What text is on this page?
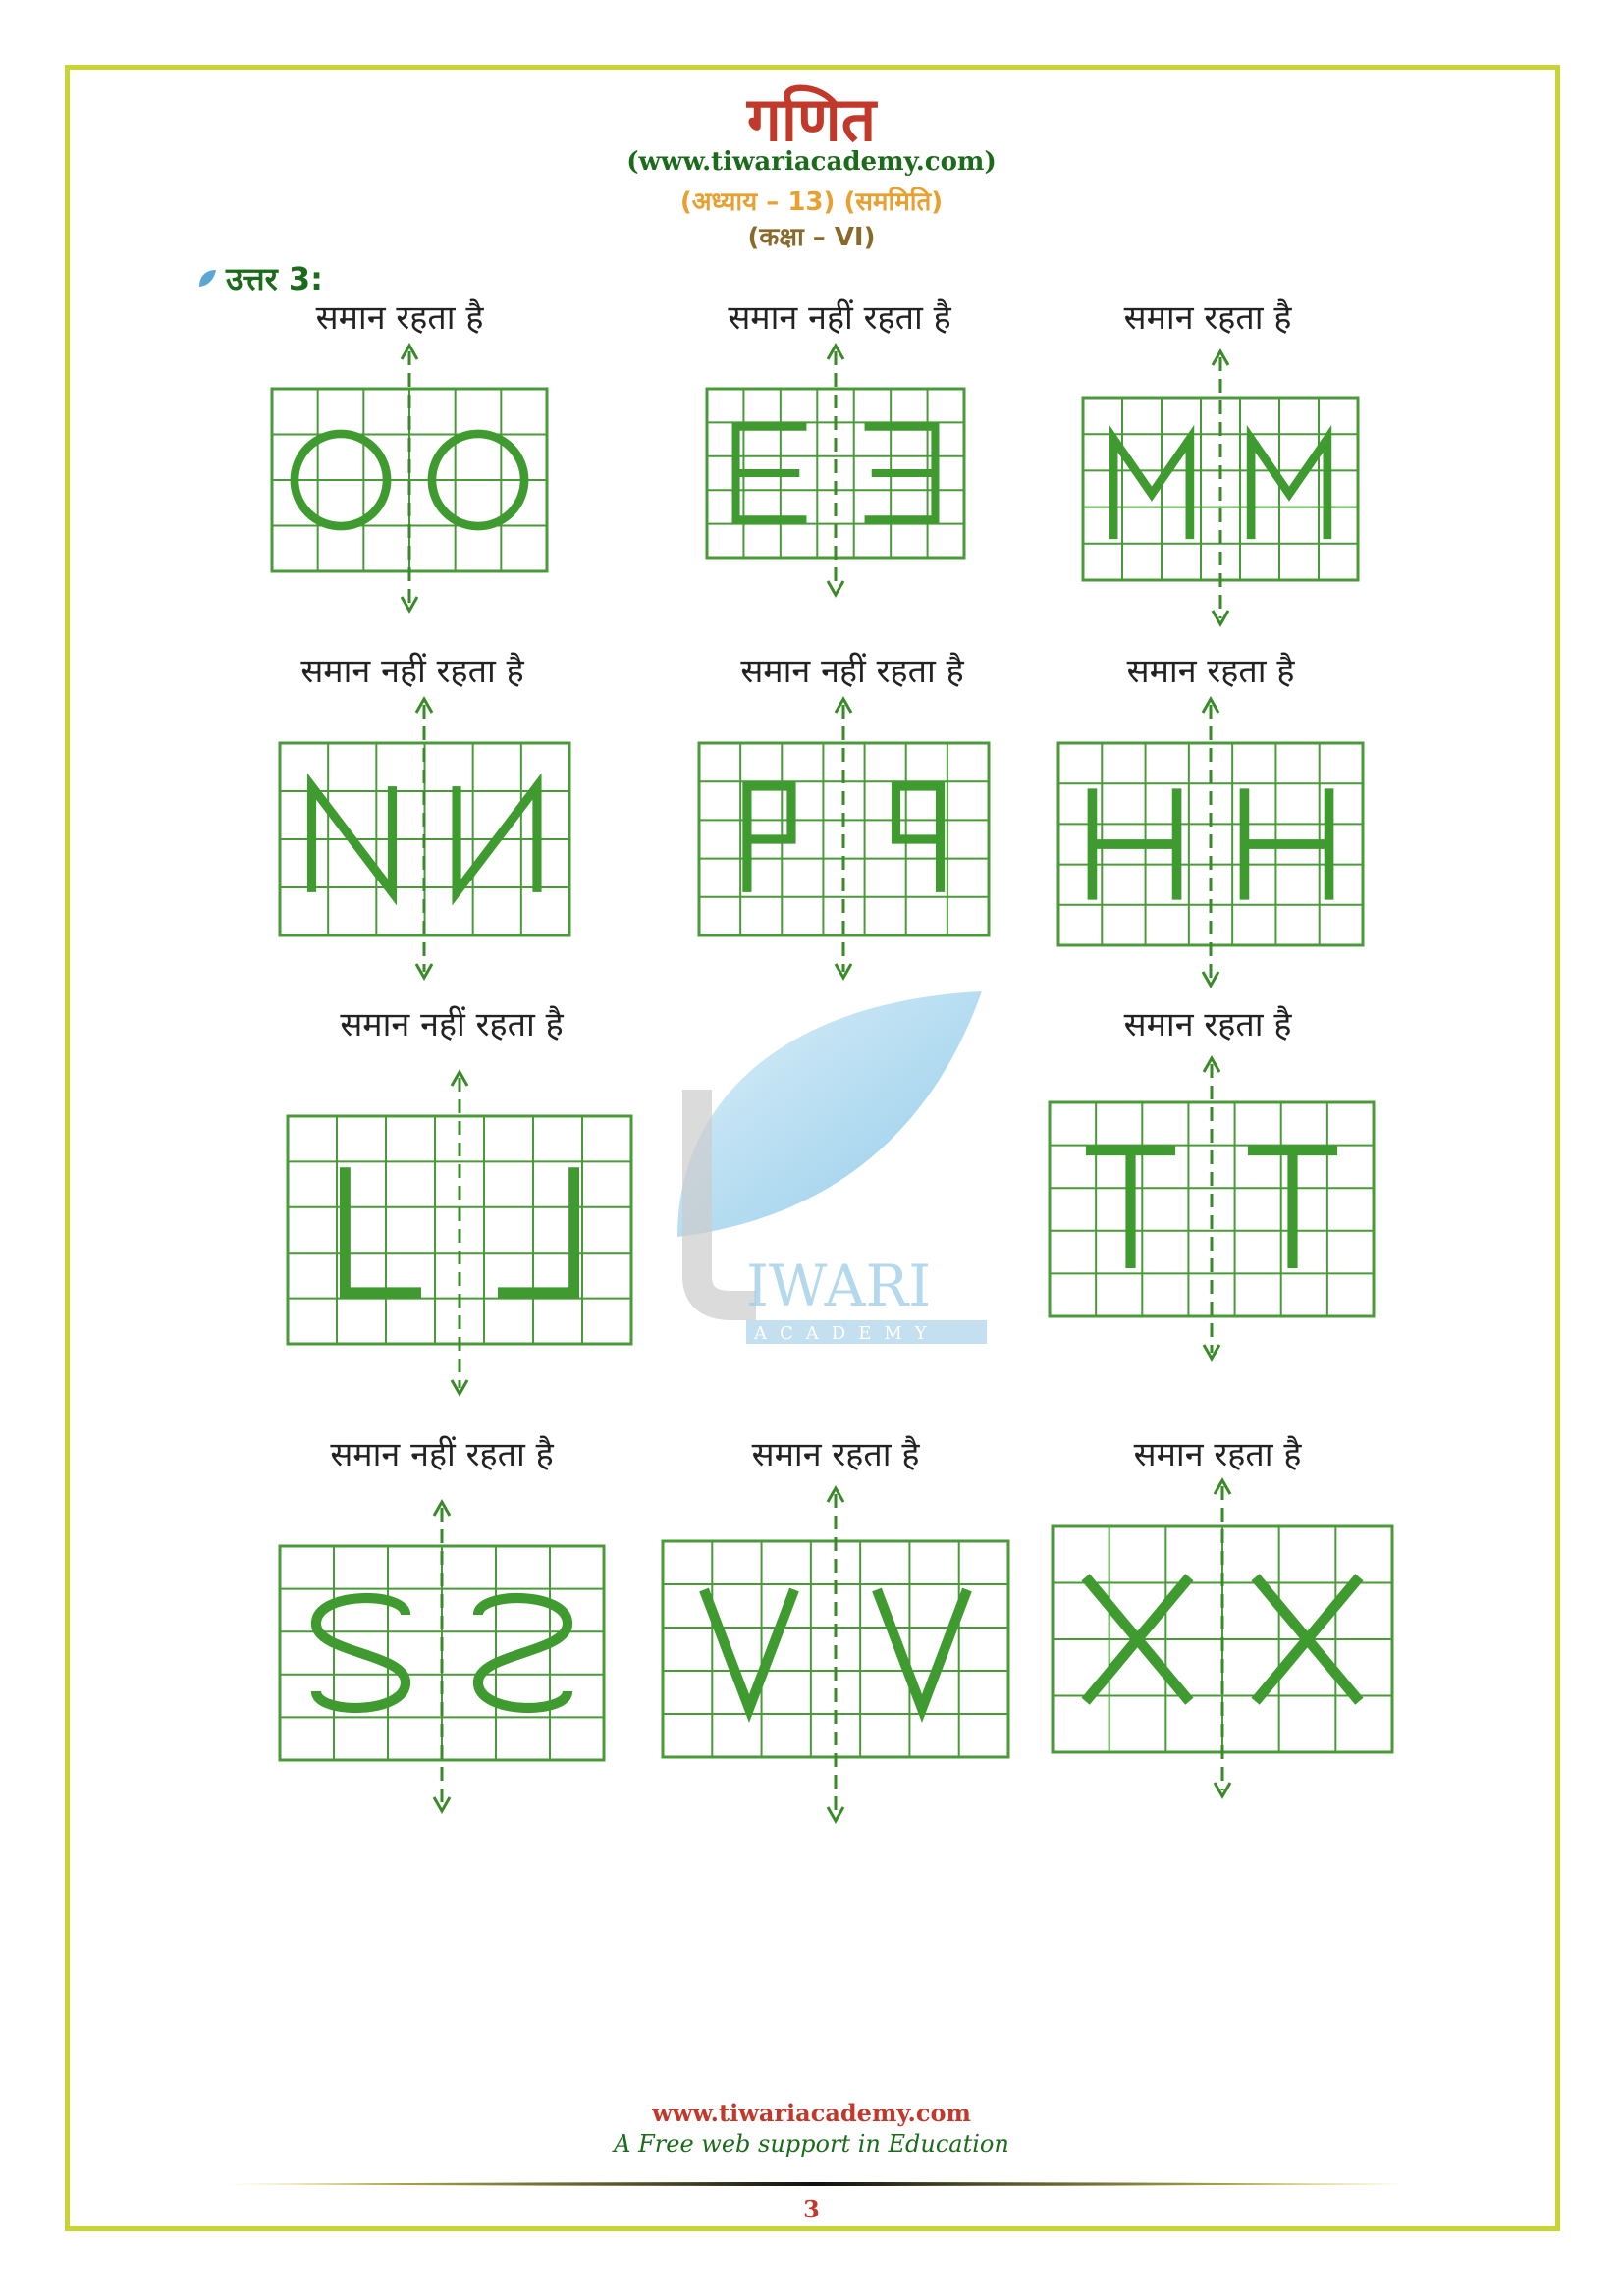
गणित
(www.tiwariacademy.com)
(अध्याय – 13) (सममिति)
(कक्षा – VI)
उत्तर 3:
IWARI
ACADEMY
समान रहता है	समान नहीं रहता है	समान रहता है
समान नहीं रहता है	समान नहीं रहता है	समान रहता है
समान नहीं रहता है	समान रहता है
समान नहीं रहता है	समान रहता है	समान रहता है
www.tiwariacademy.com
A Free web support in Education
3
